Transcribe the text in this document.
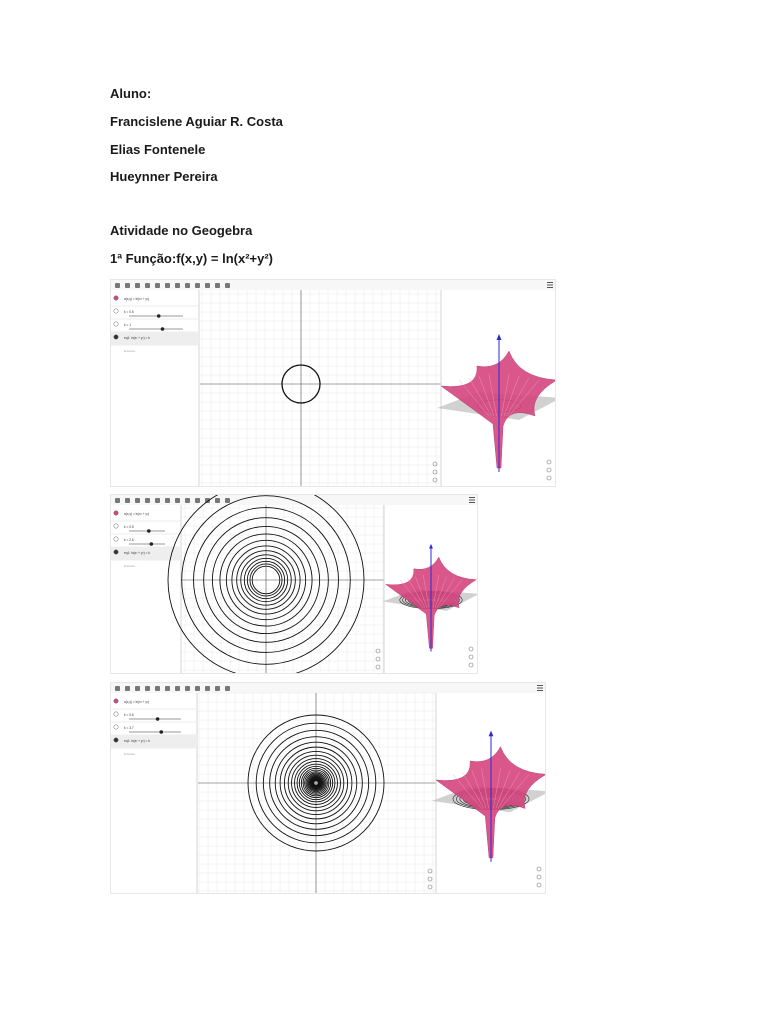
Aluno:
Francislene Aguiar R. Costa
Elias Fontenele
Hueynner Pereira
Atividade no Geogebra
1ª Função:f(x,y) = ln(x²+y²)
a(x,y) = ln(x² + y²)
k = 0.5
k = 1
eq1: ln(x² + y²) = k
Entrada...
a(x,y) = ln(x² + y²)
k = 0.5
k = 2.6
eq1: ln(x² + y²) = k
Entrada...
a(x,y) = ln(x² + y²)
k = 0.5
k = 3.7
eq1: ln(x² + y²) = k
Entrada...
